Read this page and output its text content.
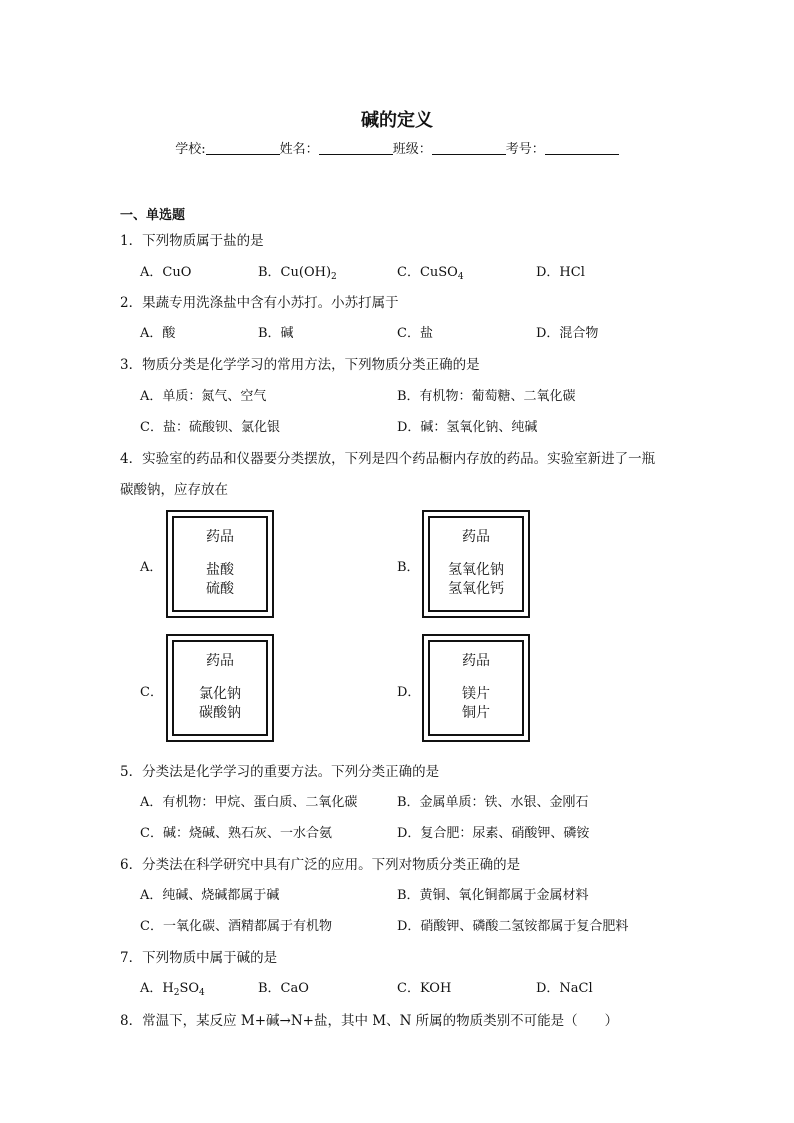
碱的定义
学校:	姓名：	班级：	考号：
一、单选题
1．下列物质属于盐的是
A．CuO	B．$Cu(OH)_2$	C．CuSO$_4$	D．HCl
2．果蔬专用洗涤盐中含有小苏打。小苏打属于
A．酸	B．碱	C．盐	D．混合物
3．物质分类是化学学习的常用方法，下列物质分类正确的是
A．单质：氮气、空气	B．有机物：葡萄糖、二氧化碳
C．盐：硫酸钡、氯化银	D．碱：氢氧化钠、纯碱
4．实验室的药品和仪器要分类摆放，下列是四个药品橱内存放的药品。实验室新进了一瓶
碳酸钠，应存放在
A．
药品
盐酸
硫酸
B．
药品
氢氧化钠
氢氧化钙
C．
药品
氯化钠
碳酸钠
D．
药品
镁片
铜片
5．分类法是化学学习的重要方法。下列分类正确的是
A．有机物：甲烷、蛋白质、二氧化碳	B．金属单质：铁、水银、金刚石
C．碱：烧碱、熟石灰、一水合氨	D．复合肥：尿素、硝酸钾、磷铵
6．分类法在科学研究中具有广泛的应用。下列对物质分类正确的是
A．纯碱、烧碱都属于碱	B．黄铜、氧化铜都属于金属材料
C．一氧化碳、酒精都属于有机物	D．硝酸钾、磷酸二氢铵都属于复合肥料
7．下列物质中属于碱的是
A．$H_2SO_4$	B．CaO	C．KOH	D．NaCl
8．常温下，某反应 M+碱→N+盐，其中 M、N 所属的物质类别不可能是（　　）
